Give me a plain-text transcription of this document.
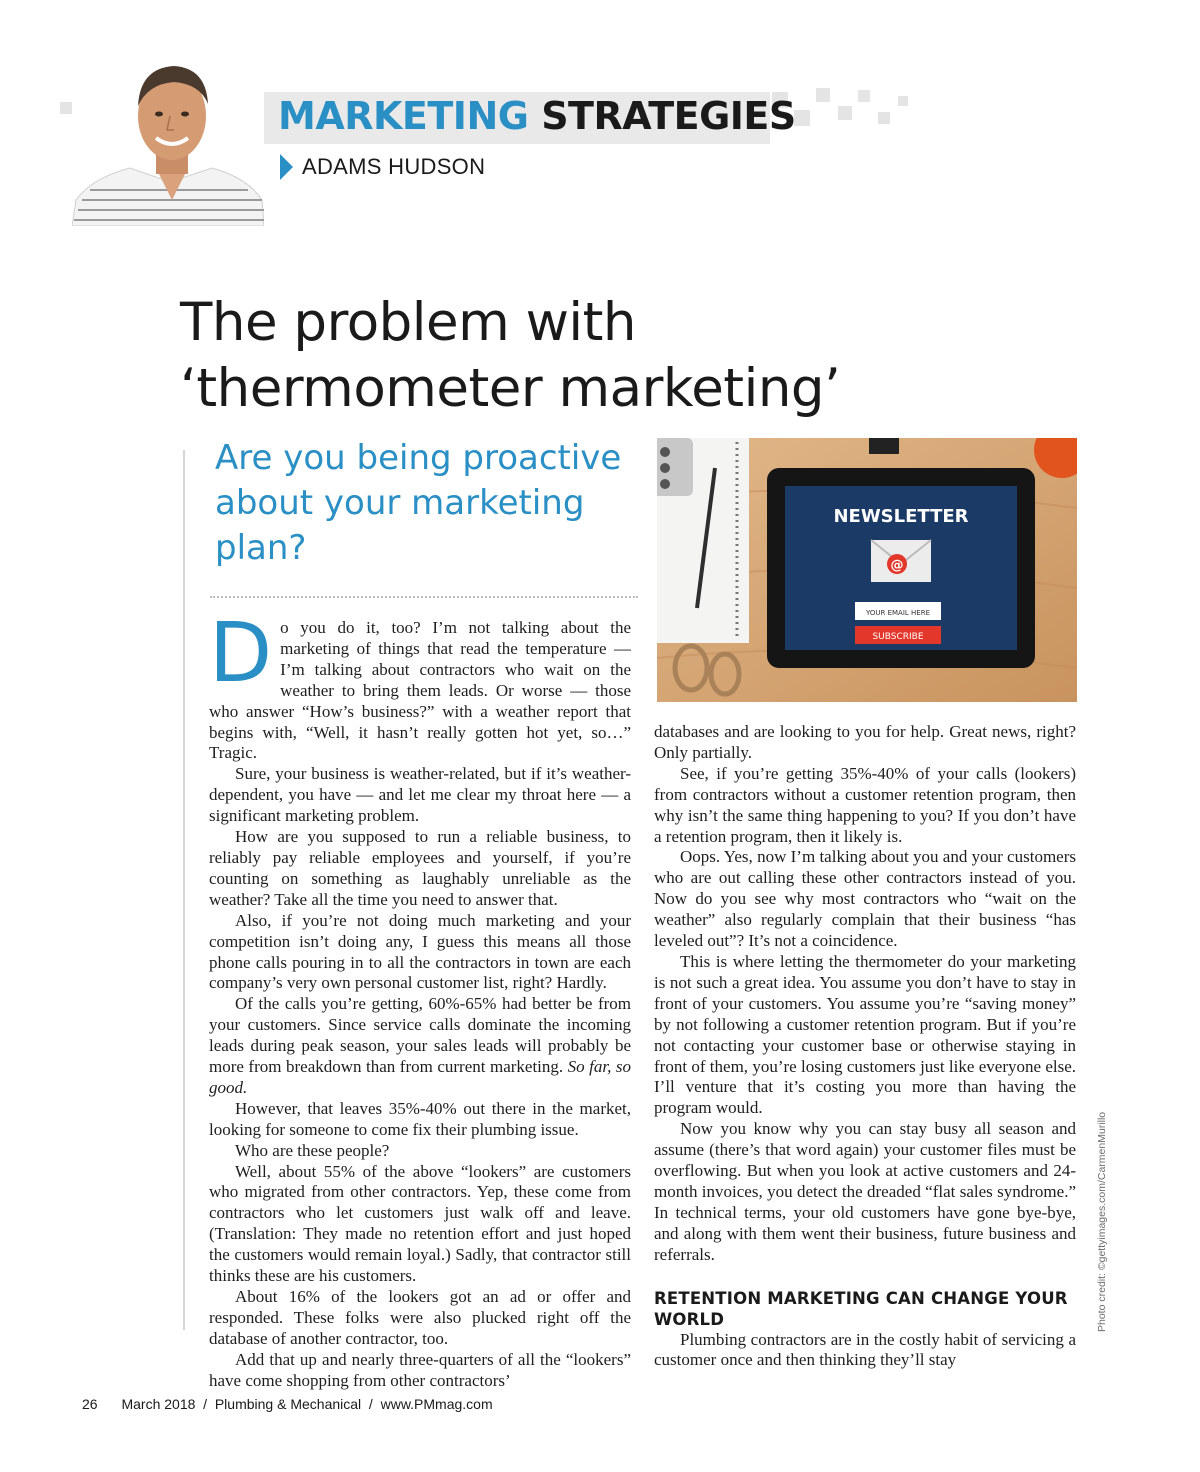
MARKETING STRATEGIES
ADAMS HUDSON
The problem with
‘thermometer marketing’
Are you being proactive about your marketing plan?
NEWSLETTER
@
YOUR EMAIL HERE
SUBSCRIBE
Photo credit: ©gettyimages.com/CarmenMurillo

Do you do it, too? I’m not talking about the marketing of things that read the temperature — I’m talking about contractors who wait on the weather to bring them leads. Or worse — those who answer “How’s business?” with a weather report that begins with, “Well, it hasn’t really gotten hot yet, so…” Tragic.

Sure, your business is weather-related, but if it’s weather-dependent, you have — and let me clear my throat here — a significant marketing problem.

How are you supposed to run a reliable business, to reliably pay reliable employees and yourself, if you’re counting on something as laughably unreliable as the weather? Take all the time you need to answer that.

Also, if you’re not doing much marketing and your competition isn’t doing any, I guess this means all those phone calls pouring in to all the contractors in town are each company’s very own personal customer list, right? Hardly.

Of the calls you’re getting, 60%-65% had better be from your customers. Since service calls dominate the incoming leads during peak season, your sales leads will probably be more from breakdown than from current marketing. So far, so good.

However, that leaves 35%-40% out there in the market, looking for someone to come fix their plumbing issue.

Who are these people?

Well, about 55% of the above “lookers” are customers who migrated from other contractors. Yep, these come from contractors who let customers just walk off and leave. (Translation: They made no retention effort and just hoped the customers would remain loyal.) Sadly, that contractor still thinks these are his customers.

About 16% of the lookers got an ad or offer and responded. These folks were also plucked right off the database of another contractor, too.

Add that up and nearly three-quarters of all the “lookers” have come shopping from other contractors’

databases and are looking to you for help. Great news, right? Only partially.

See, if you’re getting 35%-40% of your calls (lookers) from contractors without a customer retention program, then why isn’t the same thing happening to you? If you don’t have a retention program, then it likely is.

Oops. Yes, now I’m talking about you and your customers who are out calling these other contractors instead of you. Now do you see why most contractors who “wait on the weather” also regularly complain that their business “has leveled out”? It’s not a coincidence.

This is where letting the thermometer do your marketing is not such a great idea. You assume you don’t have to stay in front of your customers. You assume you’re “saving money” by not following a customer retention program. But if you’re not contacting your customer base or otherwise staying in front of them, you’re losing customers just like everyone else. I’ll venture that it’s costing you more than having the program would.

Now you know why you can stay busy all season and assume (there’s that word again) your customer files must be overflowing. But when you look at active customers and 24-month invoices, you detect the dreaded “flat sales syndrome.” In technical terms, your old customers have gone bye-bye, and along with them went their business, future business and referrals.

RETENTION MARKETING CAN CHANGE YOUR WORLD

Plumbing contractors are in the costly habit of servicing a customer once and then thinking they’ll stay

26 March 2018  /  Plumbing & Mechanical  /  www.PMmag.com
